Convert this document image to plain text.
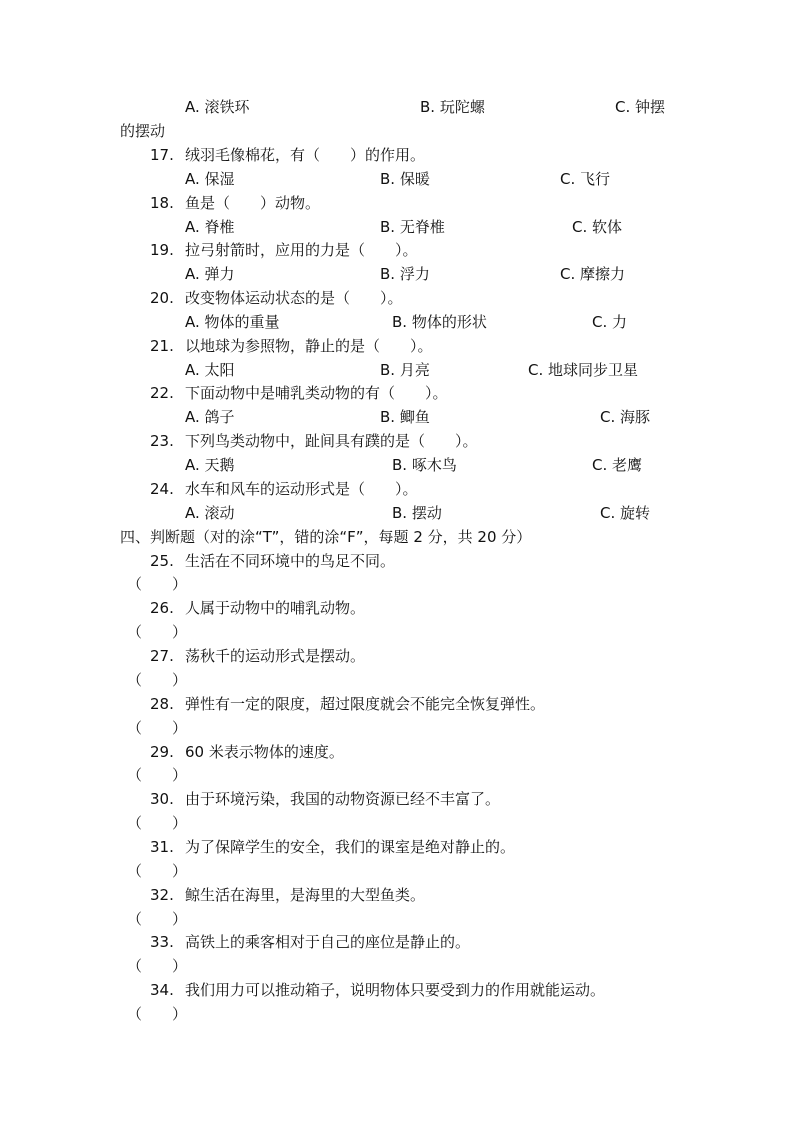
A. 滚铁环	B. 玩陀螺	C. 钟摆
的摆动
17. 绒羽毛像棉花，有（　　）的作用。
A. 保湿	B. 保暖	C. 飞行
18. 鱼是（　　）动物。
A. 脊椎	B. 无脊椎	C. 软体
19. 拉弓射箭时，应用的力是（　　）。
A. 弹力	B. 浮力	C. 摩擦力
20. 改变物体运动状态的是（　　）。
A. 物体的重量	B. 物体的形状	C. 力
21. 以地球为参照物，静止的是（　　）。
A. 太阳	B. 月亮	C. 地球同步卫星
22. 下面动物中是哺乳类动物的有（　　）。
A. 鸽子	B. 鲫鱼	C. 海豚
23. 下列鸟类动物中，趾间具有蹼的是（　　）。
A. 天鹅	B. 啄木鸟	C. 老鹰
24. 水车和风车的运动形式是（　　）。
A. 滚动	B. 摆动	C. 旋转
四、判断题（对的涂“T”，错的涂“F”，每题 2 分，共 20 分）
25. 生活在不同环境中的鸟足不同。
（　　）
26. 人属于动物中的哺乳动物。
（　　）
27. 荡秋千的运动形式是摆动。
（　　）
28. 弹性有一定的限度，超过限度就会不能完全恢复弹性。
（　　）
29. 60 米表示物体的速度。
（　　）
30. 由于环境污染，我国的动物资源已经不丰富了。
（　　）
31. 为了保障学生的安全，我们的课室是绝对静止的。
（　　）
32. 鲸生活在海里，是海里的大型鱼类。
（　　）
33. 高铁上的乘客相对于自己的座位是静止的。
（　　）
34. 我们用力可以推动箱子，说明物体只要受到力的作用就能运动。
（　　）
